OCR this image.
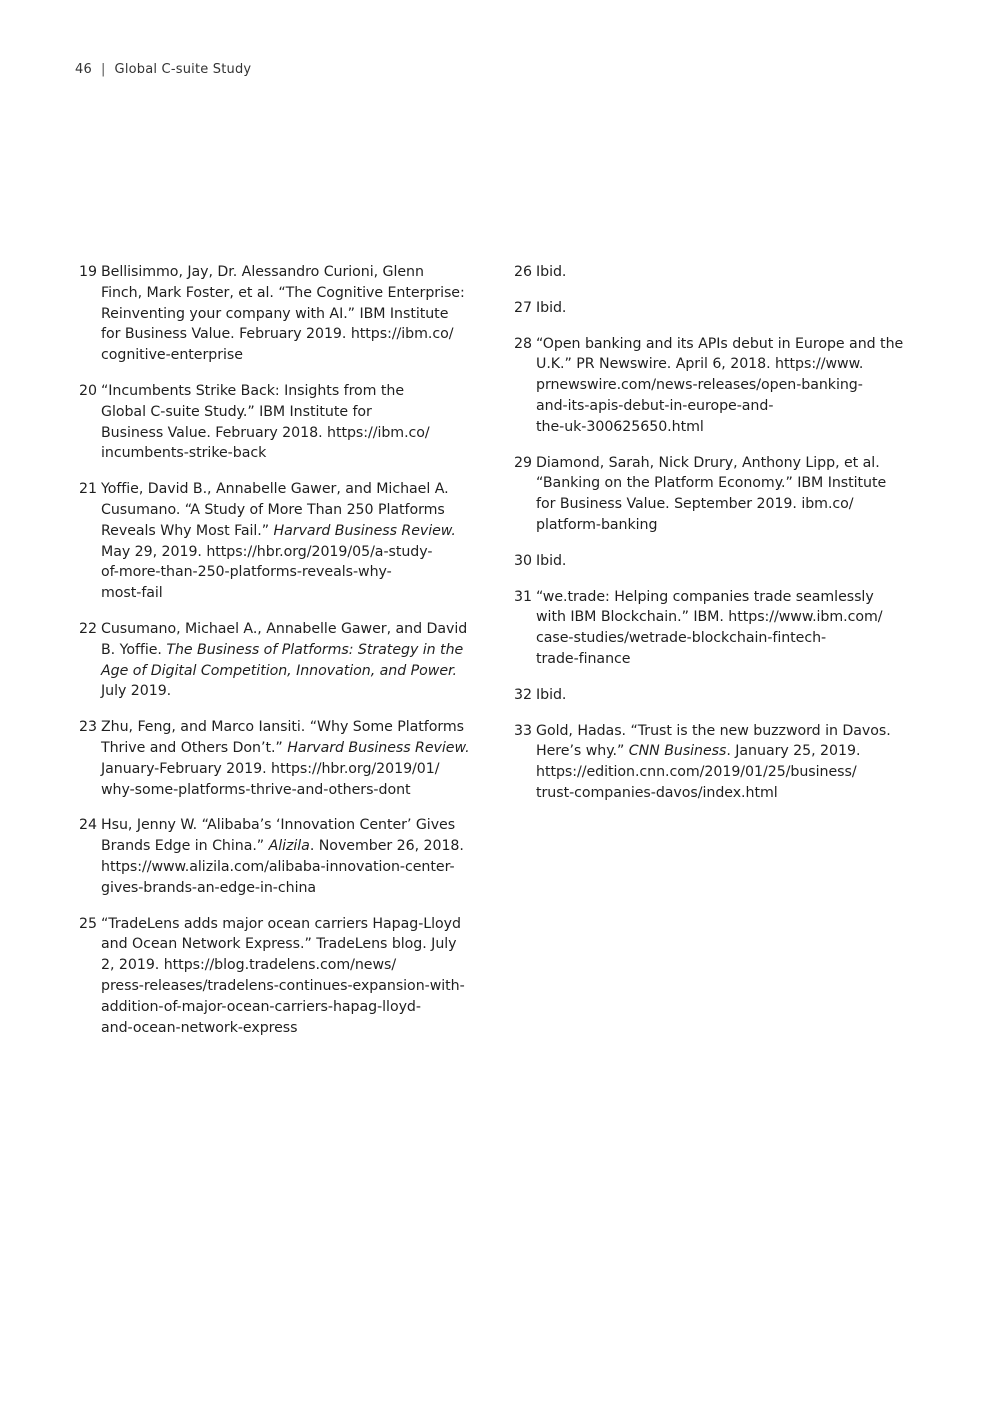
46 | Global C-suite Study
19 Bellisimmo, Jay, Dr. Alessandro Curioni, Glenn
Finch, Mark Foster, et al. “The Cognitive Enterprise:
Reinventing your company with AI.” IBM Institute
for Business Value. February 2019. https://ibm.co/
cognitive-enterprise
20 “Incumbents Strike Back: Insights from the
Global C-suite Study.” IBM Institute for
Business Value. February 2018. https://ibm.co/
incumbents-strike-back
21 Yoffie, David B., Annabelle Gawer, and Michael A.
Cusumano. “A Study of More Than 250 Platforms
Reveals Why Most Fail.” Harvard Business Review.
May 29, 2019. https://hbr.org/2019/05/a-study-
of-more-than-250-platforms-reveals-why-
most-fail
22 Cusumano, Michael A., Annabelle Gawer, and David
B. Yoffie. The Business of Platforms: Strategy in the
Age of Digital Competition, Innovation, and Power.
July 2019.
23 Zhu, Feng, and Marco Iansiti. “Why Some Platforms
Thrive and Others Don’t.” Harvard Business Review.
January-February 2019. https://hbr.org/2019/01/
why-some-platforms-thrive-and-others-dont
24 Hsu, Jenny W. “Alibaba’s ‘Innovation Center’ Gives
Brands Edge in China.” Alizila. November 26, 2018.
https://www.alizila.com/alibaba-innovation-center-
gives-brands-an-edge-in-china
25 “TradeLens adds major ocean carriers Hapag-Lloyd
and Ocean Network Express.” TradeLens blog. July
2, 2019. https://blog.tradelens.com/news/
press-releases/tradelens-continues-expansion-with-
addition-of-major-ocean-carriers-hapag-lloyd-
and-ocean-network-express
26 Ibid.
27 Ibid.
28 “Open banking and its APIs debut in Europe and the
U.K.” PR Newswire. April 6, 2018. https://www.
prnewswire.com/news-releases/open-banking-
and-its-apis-debut-in-europe-and-
the-uk-300625650.html
29 Diamond, Sarah, Nick Drury, Anthony Lipp, et al.
“Banking on the Platform Economy.” IBM Institute
for Business Value. September 2019. ibm.co/
platform-banking
30 Ibid.
31 “we.trade: Helping companies trade seamlessly
with IBM Blockchain.” IBM. https://www.ibm.com/
case-studies/wetrade-blockchain-fintech-
trade-finance
32 Ibid.
33 Gold, Hadas. “Trust is the new buzzword in Davos.
Here’s why.” CNN Business. January 25, 2019.
https://edition.cnn.com/2019/01/25/business/
trust-companies-davos/index.html
